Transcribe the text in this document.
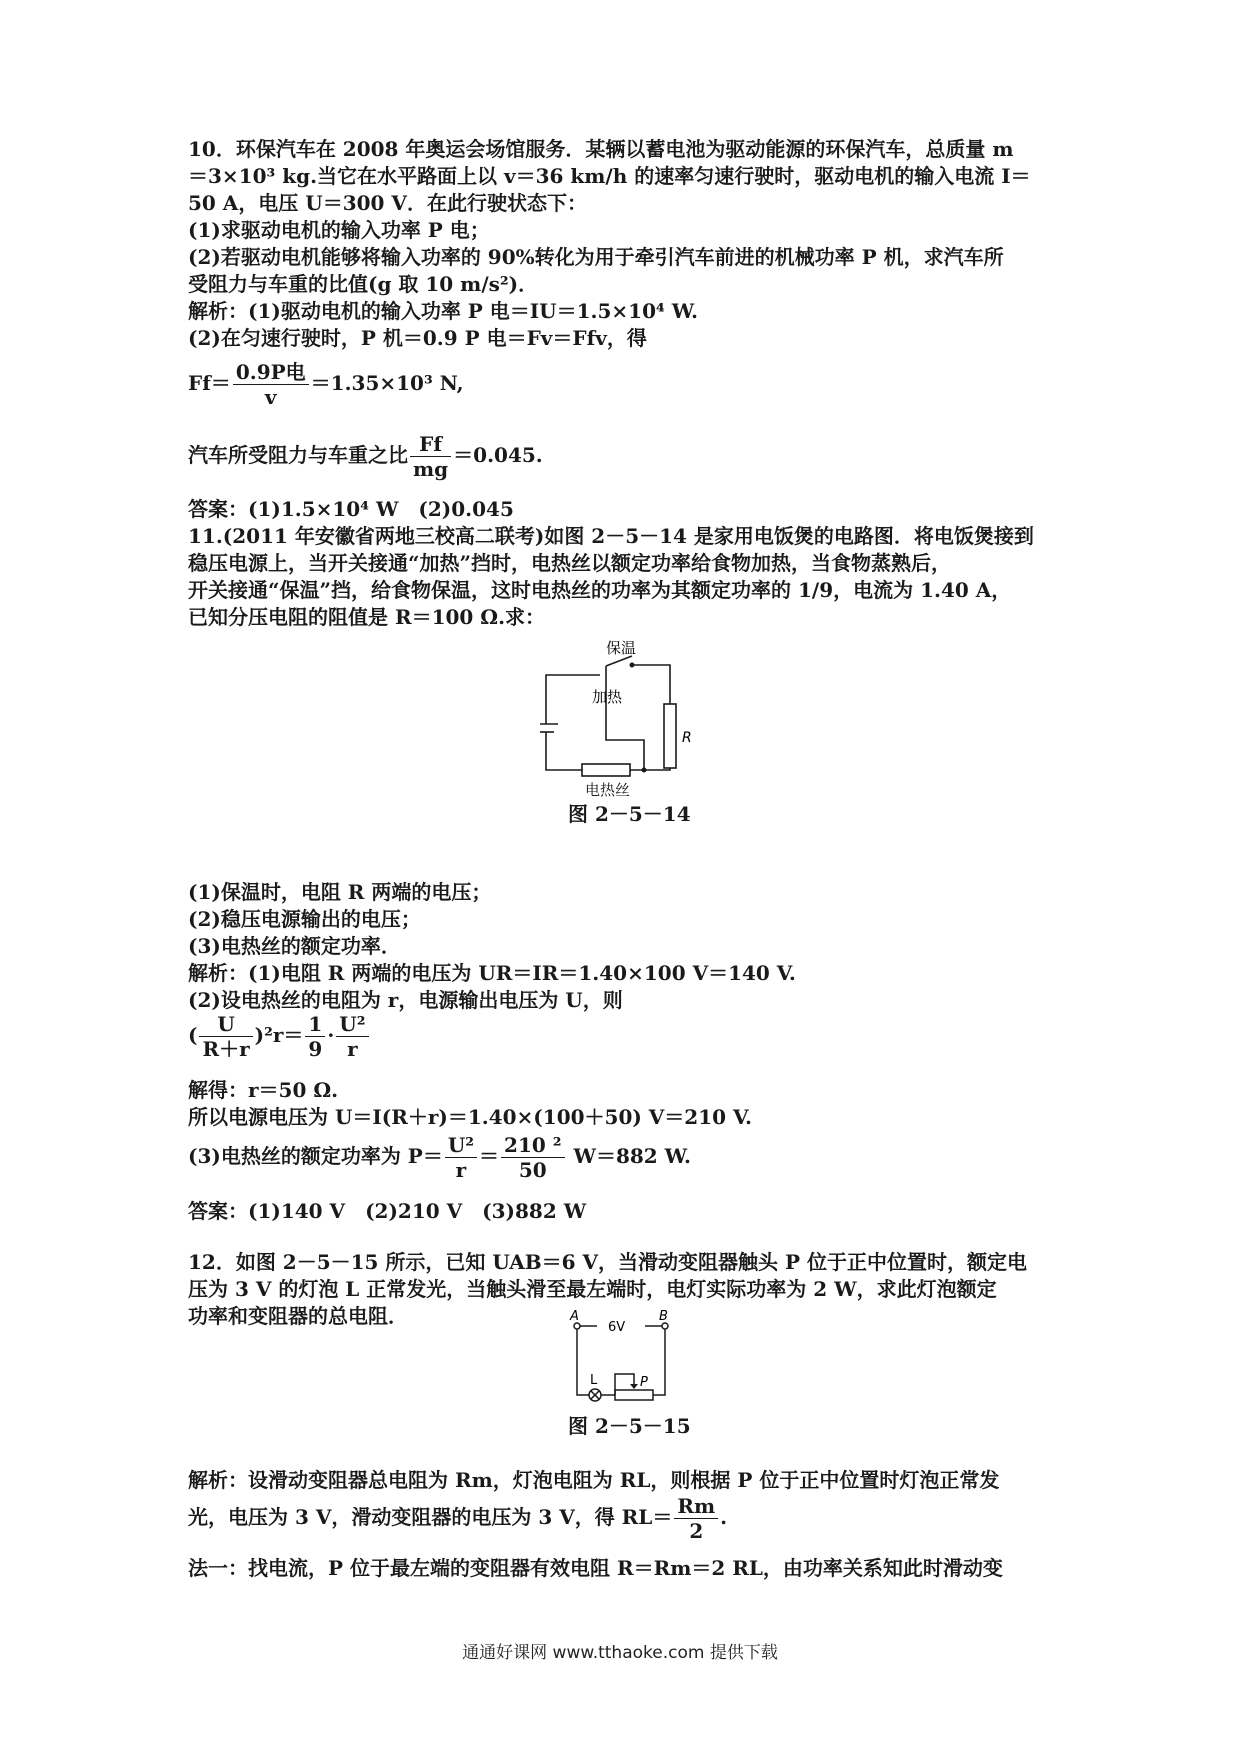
10．环保汽车在 2008 年奥运会场馆服务．某辆以蓄电池为驱动能源的环保汽车，总质量 m
＝3×10³ kg.当它在水平路面上以 v＝36 km/h 的速率匀速行驶时，驱动电机的输入电流 I＝
50 A，电压 U＝300 V．在此行驶状态下：
(1)求驱动电机的输入功率 P 电；
(2)若驱动电机能够将输入功率的 90%转化为用于牵引汽车前进的机械功率 P 机，求汽车所
受阻力与车重的比值(g 取 10 m/s²)．
解析：(1)驱动电机的输入功率 P 电＝IU＝1.5×10⁴ W.
(2)在匀速行驶时，P 机＝0.9 P 电＝Fv＝Ffv，得
$Ff= \frac{\text{0.9P电}}{v} =1.35\times 10^3$ N,
汽车所受阻力与车重之比 $\frac{Ff}{mg} =0.045$.
答案：(1)1.5×10⁴ W　(2)0.045
11.(2011 年安徽省两地三校高二联考)如图 2－5－14 是家用电饭煲的电路图．将电饭煲接到
稳压电源上，当开关接通“加热”挡时，电热丝以额定功率给食物加热，当食物蒸熟后，
开关接通“保温”挡，给食物保温，这时电热丝的功率为其额定功率的 1/9，电流为 1.40 A，
已知分压电阻的阻值是 R＝100 Ω.求：
保温
加热
R
电热丝
图 2－5－14
(1)保温时，电阻 R 两端的电压；
(2)稳压电源输出的电压；
(3)电热丝的额定功率．
解析：(1)电阻 R 两端的电压为 UR＝IR＝1.40×100 V＝140 V.
(2)设电热丝的电阻为 r，电源输出电压为 U，则
( $\frac{U}{R+r} )^2r= \frac{1}{9} \cdot \frac{\text{U²}}{r}$
解得：r＝50 Ω.
所以电源电压为 U＝I(R＋r)＝1.40×(100＋50) V＝210 V.
(3)电热丝的额定功率为 $P= \frac{\text{U²}}{r} = \frac{\text{210 ²}}{50} W=882$ W.
答案：(1)140 V　(2)210 V　(3)882 W
12．如图 2－5－15 所示，已知 UAB＝6 V，当滑动变阻器触头 P 位于正中位置时，额定电
压为 3 V 的灯泡 L 正常发光，当触头滑至最左端时，电灯实际功率为 2 W，求此灯泡额定
功率和变阻器的总电阻．	A	B
6V
L	P
图 2－5－15
解析：设滑动变阻器总电阻为 Rm，灯泡电阻为 RL，则根据 P 位于正中位置时灯泡正常发
光，电压为 3 V，滑动变阻器的电压为 3 V，得 $RL= \frac{Rm}{2}$ .
法一：找电流，P 位于最左端的变阻器有效电阻 R＝Rm＝2 RL，由功率关系知此时滑动变
通通好课网 www.tthaoke.com 提供下载
